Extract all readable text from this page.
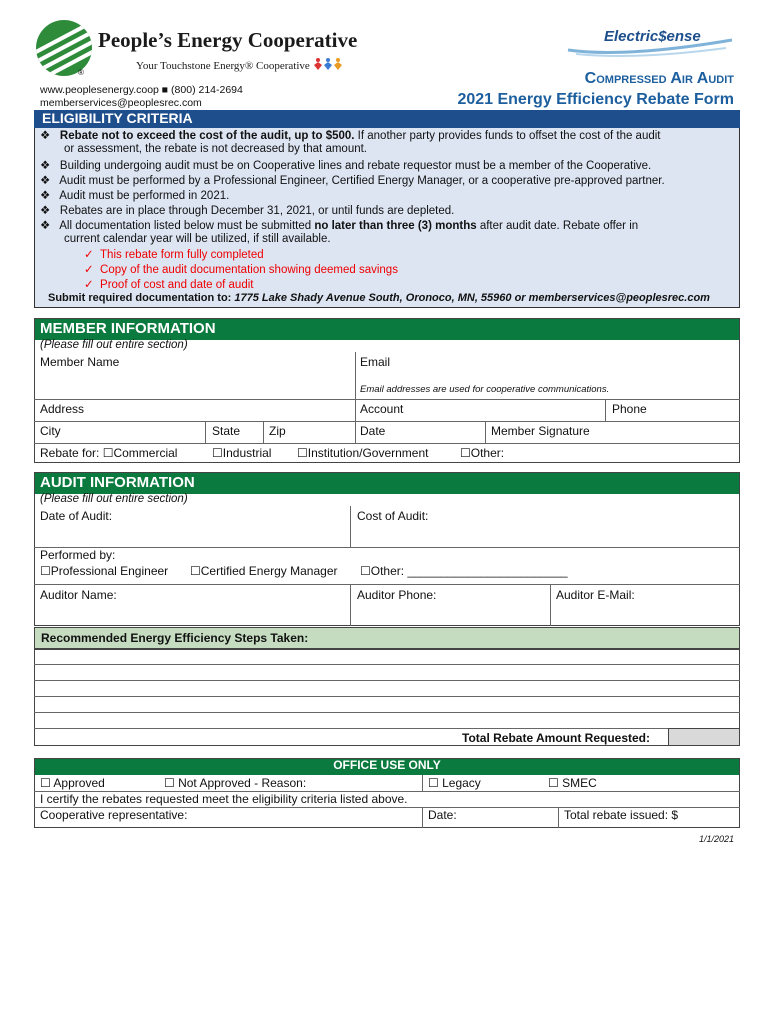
®
People’s Energy Cooperative
Your Touchstone Energy® Cooperative
Electric$ense
www.peoplesenergy.coop ■ (800) 214-2694
memberservices@peoplesrec.com
Compressed Air Audit
2021 Energy Efficiency Rebate Form
ELIGIBILITY CRITERIA
❖   Rebate not to exceed the cost of the audit, up to $500. If another party provides funds to offset the cost of the audit
or assessment, the rebate is not decreased by that amount.
❖   Building undergoing audit must be on Cooperative lines and rebate requestor must be a member of the Cooperative.
❖   Audit must be performed by a Professional Engineer, Certified Energy Manager, or a cooperative pre-approved partner.
❖   Audit must be performed in 2021.
❖   Rebates are in place through December 31, 2021, or until funds are depleted.
❖   All documentation listed below must be submitted no later than three (3) months after audit date. Rebate offer in
current calendar year will be utilized, if still available.
✓  This rebate form fully completed
✓  Copy of the audit documentation showing deemed savings
✓  Proof of cost and date of audit
Submit required documentation to: 1775 Lake Shady Avenue South, Oronoco, MN, 55960 or memberservices@peoplesrec.com
MEMBER INFORMATION
(Please fill out entire section)
Member Name	Email
Email addresses are used for cooperative communications.
Address	Account	Phone
City	State Zip	Date	Member Signature
Rebate for: ☐Commercial	☐Industrial ☐Institution/Government	☐Other:
AUDIT INFORMATION
(Please fill out entire section)
Date of Audit:	Cost of Audit:
Performed by:
☐Professional Engineer ☐Certified Energy Manager ☐Other: ________________________
Auditor Name:	Auditor Phone:	Auditor E-Mail:
Recommended Energy Efficiency Steps Taken:
Total Rebate Amount Requested:
OFFICE USE ONLY
☐ Approved	☐ Not Approved - Reason:	☐ Legacy	☐ SMEC
I certify the rebates requested meet the eligibility criteria listed above.
Cooperative representative:	Date:	Total rebate issued: $
1/1/2021
